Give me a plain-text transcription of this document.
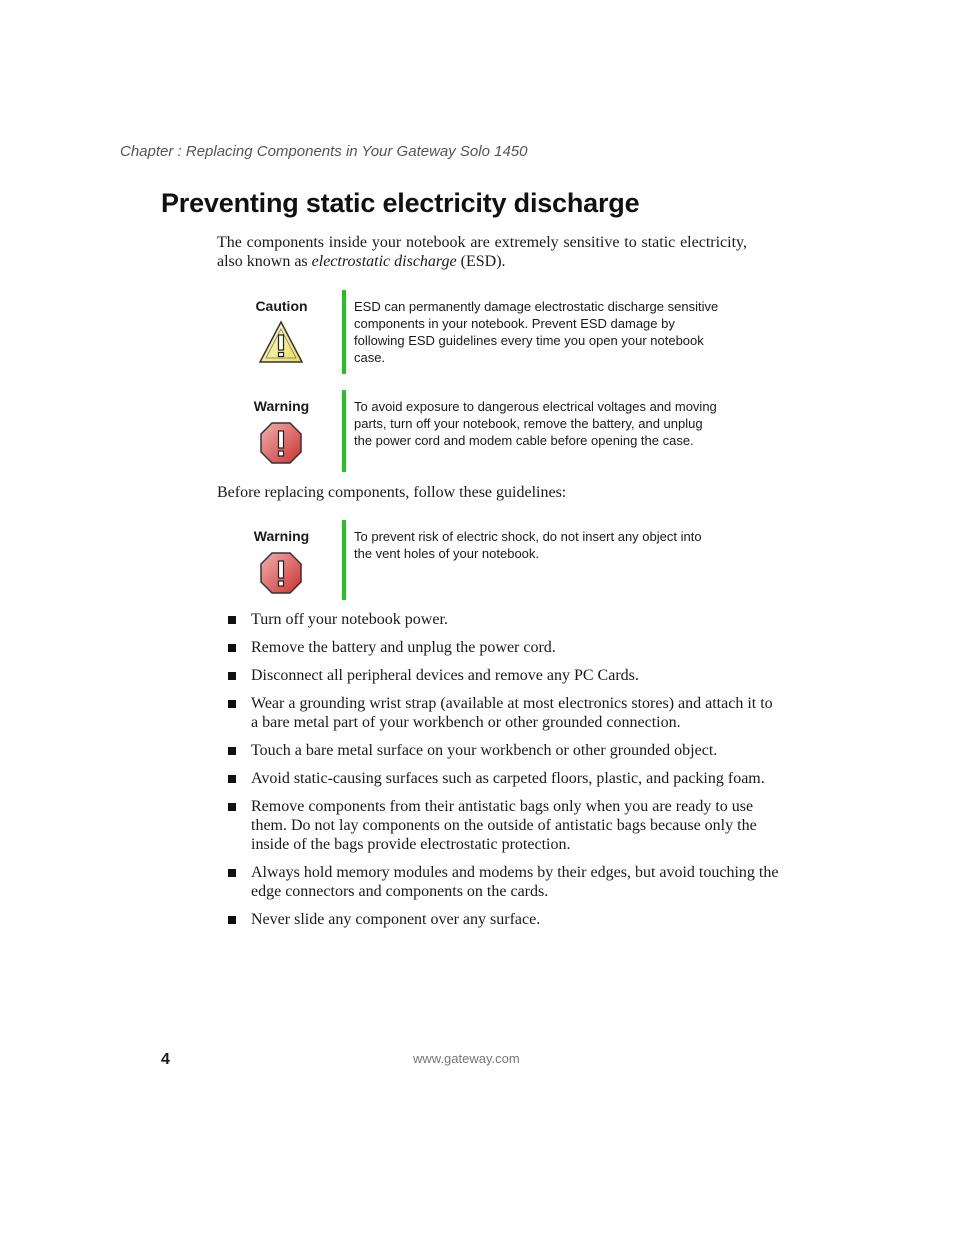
Chapter : Replacing Components in Your Gateway Solo 1450
Preventing static electricity discharge

The components inside your notebook are extremely sensitive to static electricity, also known as electrostatic discharge (ESD).

Caution	ESD can permanently damage electrostatic discharge sensitive components in your notebook. Prevent ESD damage by following ESD guidelines every time you open your notebook case.
Warning	To avoid exposure to dangerous electrical voltages and moving parts, turn off your notebook, remove the battery, and unplug the power cord and modem cable before opening the case.

Before replacing components, follow these guidelines:

Warning	To prevent risk of electric shock, do not insert any object into the vent holes of your notebook.
Turn off your notebook power.
Remove the battery and unplug the power cord.
Disconnect all peripheral devices and remove any PC Cards.
Wear a grounding wrist strap (available at most electronics stores) and attach it to a bare metal part of your workbench or other grounded connection.
Touch a bare metal surface on your workbench or other grounded object.
Avoid static-causing surfaces such as carpeted floors, plastic, and packing foam.
Remove components from their antistatic bags only when you are ready to use them. Do not lay components on the outside of antistatic bags because only the inside of the bags provide electrostatic protection.
Always hold memory modules and modems by their edges, but avoid touching the edge connectors and components on the cards.
Never slide any component over any surface.
4	www.gateway.com
